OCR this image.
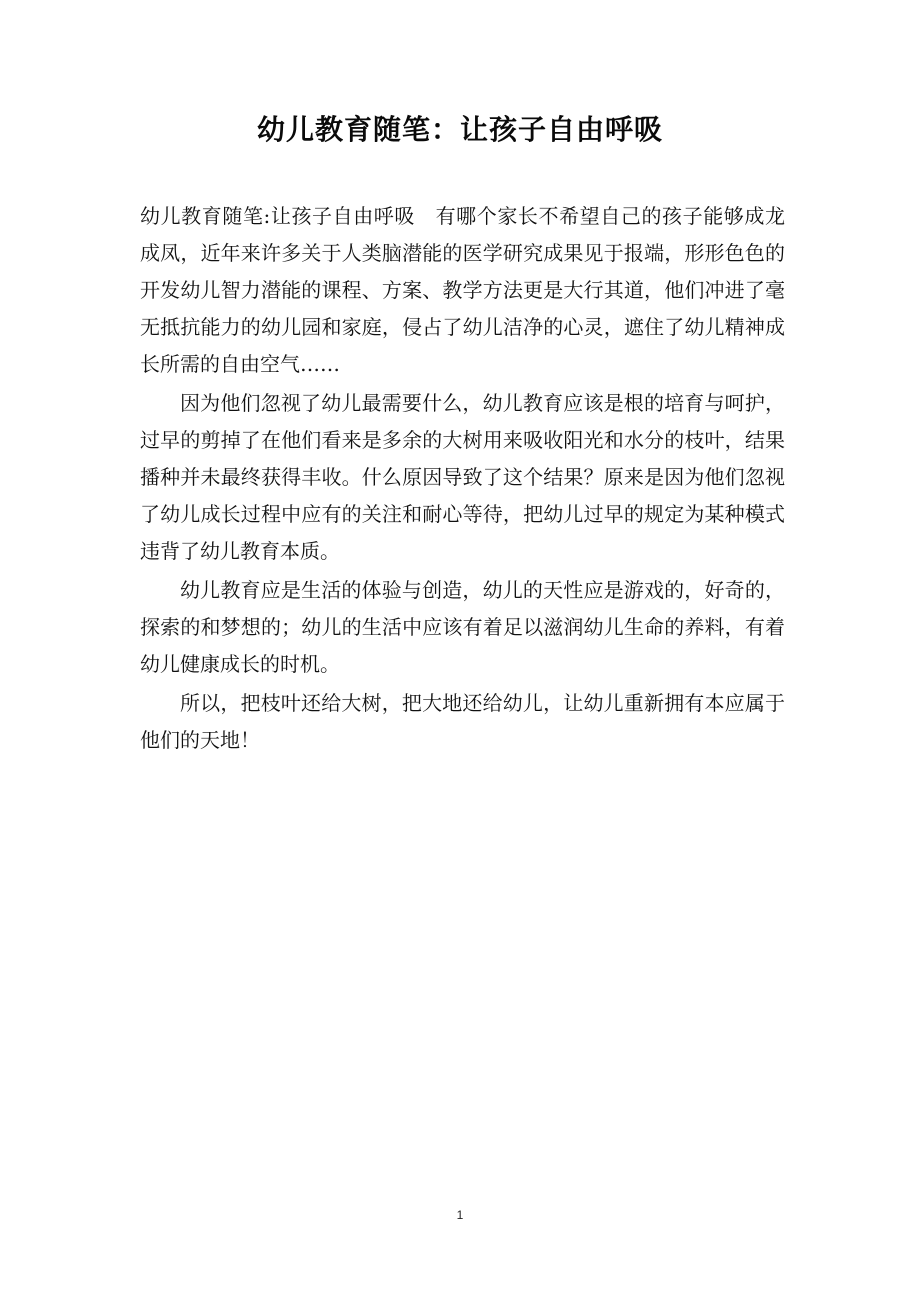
幼儿教育随笔：让孩子自由呼吸

幼儿教育随笔:让孩子自由呼吸　有哪个家长不希望自己的孩子能够成龙成凤，近年来许多关于人类脑潜能的医学研究成果见于报端，形形色色的开发幼儿智力潜能的课程、方案、教学方法更是大行其道，他们冲进了毫无抵抗能力的幼儿园和家庭，侵占了幼儿洁净的心灵，遮住了幼儿精神成长所需的自由空气……

因为他们忽视了幼儿最需要什么，幼儿教育应该是根的培育与呵护，过早的剪掉了在他们看来是多余的大树用来吸收阳光和水分的枝叶，结果播种并未最终获得丰收。什么原因导致了这个结果？原来是因为他们忽视了幼儿成长过程中应有的关注和耐心等待，把幼儿过早的规定为某种模式违背了幼儿教育本质。

幼儿教育应是生活的体验与创造，幼儿的天性应是游戏的，好奇的，探索的和梦想的；幼儿的生活中应该有着足以滋润幼儿生命的养料，有着幼儿健康成长的时机。

所以，把枝叶还给大树，把大地还给幼儿，让幼儿重新拥有本应属于他们的天地！

1
